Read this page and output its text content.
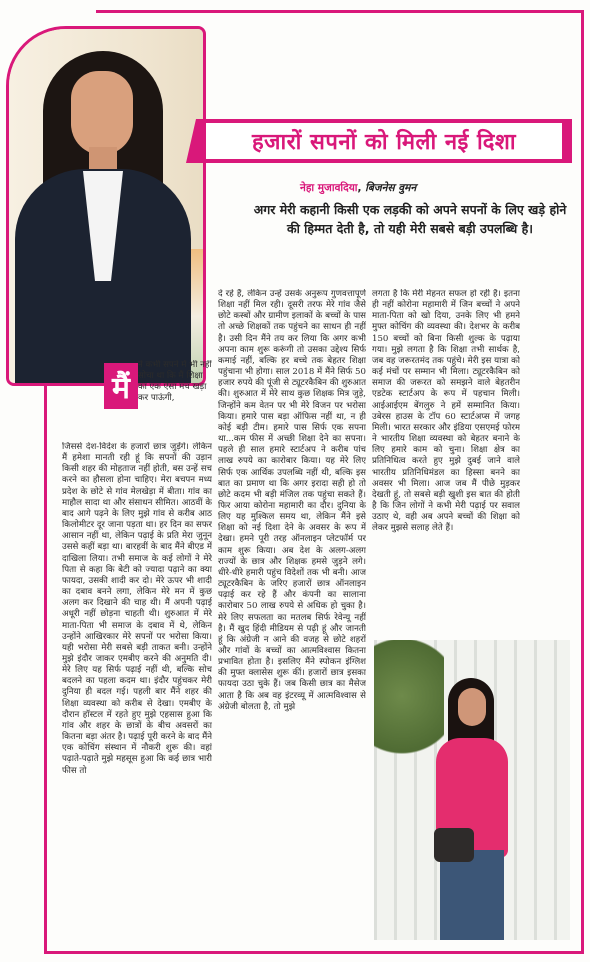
हजारों सपनों को मिली नई दिशा
नेहा मुजावदिया, बिजनेस वुमन
अगर मेरी कहानी किसी एक लड़की को अपने सपनों के लिए खड़े होने की हिम्मत देती है, तो यही मेरी सबसे बड़ी उपलब्धि है।
मैं
ने कभी सपने में भी नहीं सोचा था कि मैं शिक्षा का एक ऐसा मंच खड़ा कर पाऊंगी,
जिससे देश-विदेश के हजारों छात्र जुड़ेंगे। लेकिन मैं हमेशा मानती रही हूं कि सपनों की उड़ान किसी शहर की मोहताज नहीं होती, बस उन्हें सच करने का हौसला होना चाहिए। मेरा बचपन मध्य प्रदेश के छोटे से गांव मेलखेड़ा में बीता। गांव का माहौल सादा था और संसाधन सीमित। आठवीं के बाद आगे पढ़ने के लिए मुझे गांव से करीब आठ किलोमीटर दूर जाना पड़ता था। हर दिन का सफर आसान नहीं था, लेकिन पढ़ाई के प्रति मेरा जुनून उससे कहीं बड़ा था। बारहवीं के बाद मैंने बीएड में दाखिला लिया। तभी समाज के कई लोगों ने मेरे पिता से कहा कि बेटी को ज्यादा पढ़ाने का क्या फायदा, उसकी शादी कर दो। मेरे ऊपर भी शादी का दबाव बनने लगा, लेकिन मेरे मन में कुछ अलग कर दिखाने की चाह थी। मैं अपनी पढ़ाई अधूरी नहीं छोड़ना चाहती थी। शुरुआत में मेरे माता-पिता भी समाज के दबाव में थे, लेकिन उन्होंने आखिरकार मेरे सपनों पर भरोसा किया। यही भरोसा मेरी सबसे बड़ी ताकत बनी। उन्होंने मुझे इंदौर जाकर एमबीए करने की अनुमति दी। मेरे लिए यह सिर्फ पढ़ाई नहीं थी, बल्कि सोच बदलने का पहला कदम था। इंदौर पहुंचकर मेरी दुनिया ही बदल गई। पहली बार मैंने शहर की शिक्षा व्यवस्था को करीब से देखा। एमबीए के दौरान हॉस्टल में रहते हुए मुझे एहसास हुआ कि गांव और शहर के छात्रों के बीच अवसरों का कितना बड़ा अंतर है। पढ़ाई पूरी करने के बाद मैंने एक कोचिंग संस्थान में नौकरी शुरू की। वहां पढ़ाते-पढ़ाते मुझे महसूस हुआ कि कई छात्र भारी फीस तो
दे रहे हैं, लेकिन उन्हें उसके अनुरूप गुणवत्तापूर्ण शिक्षा नहीं मिल रही। दूसरी तरफ मेरे गांव जैसे छोटे कस्बों और ग्रामीण इलाकों के बच्चों के पास तो अच्छे शिक्षकों तक पहुंचने का साधन ही नहीं है। उसी दिन मैंने तय कर लिया कि अगर कभी अपना काम शुरू करूंगी तो उसका उद्देश्य सिर्फ कमाई नहीं, बल्कि हर बच्चे तक बेहतर शिक्षा पहुंचाना भी होगा। साल 2018 में मैंने सिर्फ 50 हजार रुपये की पूंजी से ट्यूटरकैबिन की शुरुआत की। शुरुआत में मेरे साथ कुछ शिक्षक मित्र जुड़े, जिन्होंने कम वेतन पर भी मेरे विजन पर भरोसा किया। हमारे पास बड़ा ऑफिस नहीं था, न ही कोई बड़ी टीम। हमारे पास सिर्फ एक सपना था...कम फीस में अच्छी शिक्षा देने का सपना। पहले ही साल हमारे स्टार्टअप ने करीब पांच लाख रुपये का कारोबार किया। यह मेरे लिए सिर्फ एक आर्थिक उपलब्धि नहीं थी, बल्कि इस बात का प्रमाण था कि अगर इरादा सही हो तो छोटे कदम भी बड़ी मंजिल तक पहुंचा सकते हैं। फिर आया कोरोना महामारी का दौर। दुनिया के लिए यह मुश्किल समय था, लेकिन मैंने इसे शिक्षा को नई दिशा देने के अवसर के रूप में देखा। हमने पूरी तरह ऑनलाइन प्लेटफॉर्म पर काम शुरू किया। अब देश के अलग-अलग राज्यों के छात्र और शिक्षक हमसे जुड़ने लगे। धीरे-धीरे हमारी पहुंच विदेशों तक भी बनी। आज ट्यूटरकैबिन के जरिए हजारों छात्र ऑनलाइन पढ़ाई कर रहे हैं और कंपनी का सालाना कारोबार 50 लाख रुपये से अधिक हो चुका है। मेरे लिए सफलता का मतलब सिर्फ रेवेन्यू नहीं है। मैं खुद हिंदी मीडियम से पढ़ी हूं और जानती हूं कि अंग्रेजी न आने की वजह से छोटे शहरों और गांवों के बच्चों का आत्मविश्वास कितना प्रभावित होता है। इसलिए मैंने स्पोकन इंग्लिश की मुफ्त क्लासेस शुरू कीं। हजारों छात्र इसका फायदा उठा चुके हैं। जब किसी छात्र का मैसेज आता है कि अब वह इंटरव्यू में आत्मविश्वास से अंग्रेजी बोलता है, तो मुझे
लगता है कि मेरी मेहनत सफल हो रही है। इतना ही नहीं कोरोना महामारी में जिन बच्चों ने अपने माता-पिता को खो दिया, उनके लिए भी हमने मुफ्त कोचिंग की व्यवस्था की। देशभर के करीब 150 बच्चों को बिना किसी शुल्क के पढ़ाया गया। मुझे लगता है कि शिक्षा तभी सार्थक है, जब वह जरूरतमंद तक पहुंचे। मेरी इस यात्रा को कई मंचों पर सम्मान भी मिला। ट्यूटरकैबिन को समाज की जरूरत को समझने वाले बेहतरीन एडटेक स्टार्टअप के रूप में पहचान मिली। आईआईएम बेंगलुरु ने हमें सम्मानित किया। उबेरस हाउस के टॉप 60 स्टार्टअप्स में जगह मिली। भारत सरकार और इंडिया एसएमई फोरम ने भारतीय शिक्षा व्यवस्था को बेहतर बनाने के लिए हमारे काम को चुना। शिक्षा क्षेत्र का प्रतिनिधित्व करते हुए मुझे दुबई जाने वाले भारतीय प्रतिनिधिमंडल का हिस्सा बनने का अवसर भी मिला। आज जब मैं पीछे मुड़कर देखती हूं, तो सबसे बड़ी खुशी इस बात की होती है कि जिन लोगों ने कभी मेरी पढ़ाई पर सवाल उठाए थे, वही अब अपने बच्चों की शिक्षा को लेकर मुझसे सलाह लेते हैं।
